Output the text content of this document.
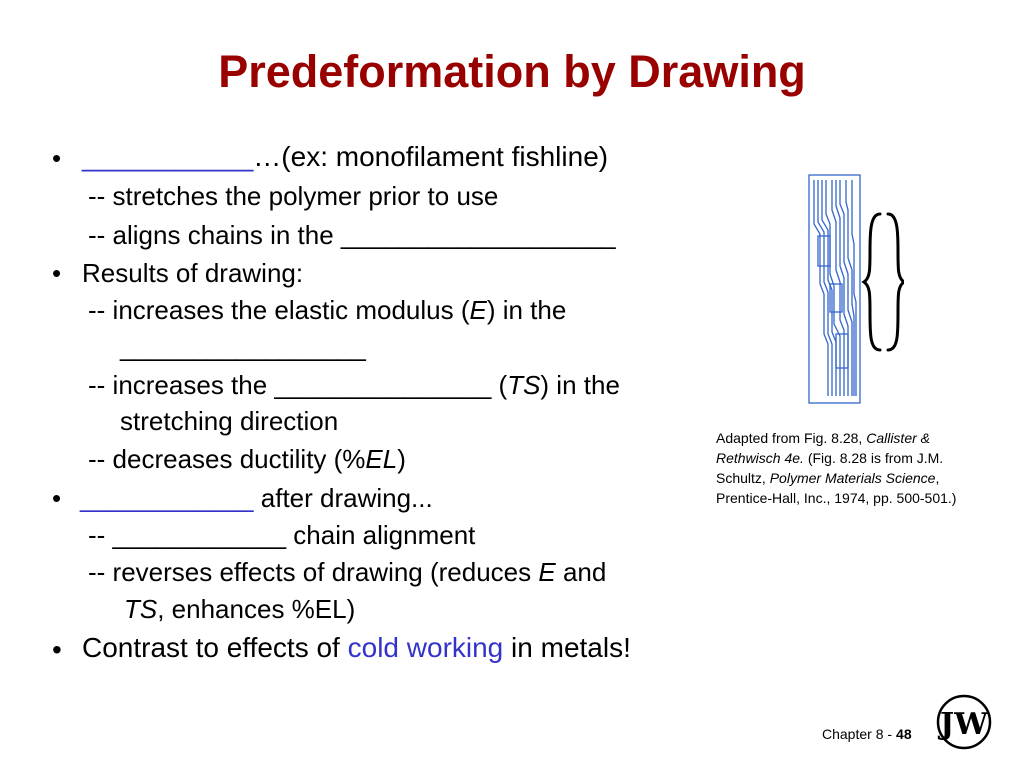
Predeformation by Drawing
• ___________…(ex: monofilament fishline)
-- stretches the polymer prior to use
-- aligns chains in the ___________________
• Results of drawing:
-- increases the elastic modulus (E) in the
_________________
-- increases the _______________ (TS) in the
stretching direction
-- decreases ductility (%EL)
• ____________ after drawing...
-- ____________ chain alignment
-- reverses effects of drawing (reduces E and
TS, enhances %EL)
• Contrast to effects of cold working in metals!
Adapted from Fig. 8.28, Callister & Rethwisch 4e. (Fig. 8.28 is from J.M. Schultz, Polymer Materials Science, Prentice-Hall, Inc., 1974, pp. 500-501.)
Chapter 8 - 48 JW
